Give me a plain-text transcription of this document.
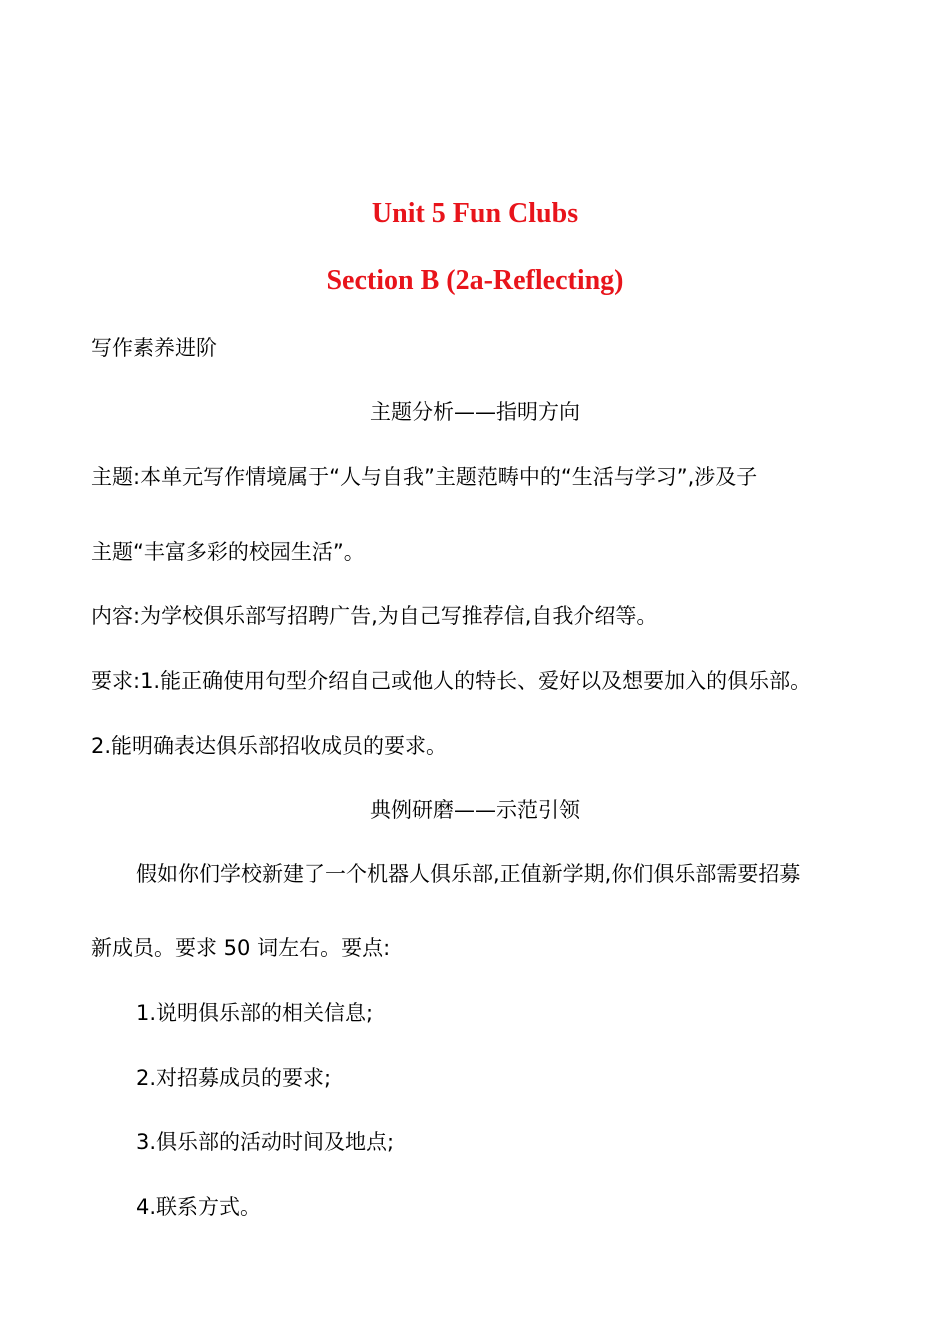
Unit 5 Fun Clubs
Section B (2a-Reflecting)
写作素养进阶
主题分析——指明方向
主题:本单元写作情境属于“人与自我”主题范畴中的“生活与学习”,涉及子
主题“丰富多彩的校园生活”。
内容:为学校俱乐部写招聘广告,为自己写推荐信,自我介绍等。
要求:1.能正确使用句型介绍自己或他人的特长、爱好以及想要加入的俱乐部。
2.能明确表达俱乐部招收成员的要求。
典例研磨——示范引领
假如你们学校新建了一个机器人俱乐部,正值新学期,你们俱乐部需要招募
新成员。要求 50 词左右。要点:
1.说明俱乐部的相关信息;
2.对招募成员的要求;
3.俱乐部的活动时间及地点;
4.联系方式。
